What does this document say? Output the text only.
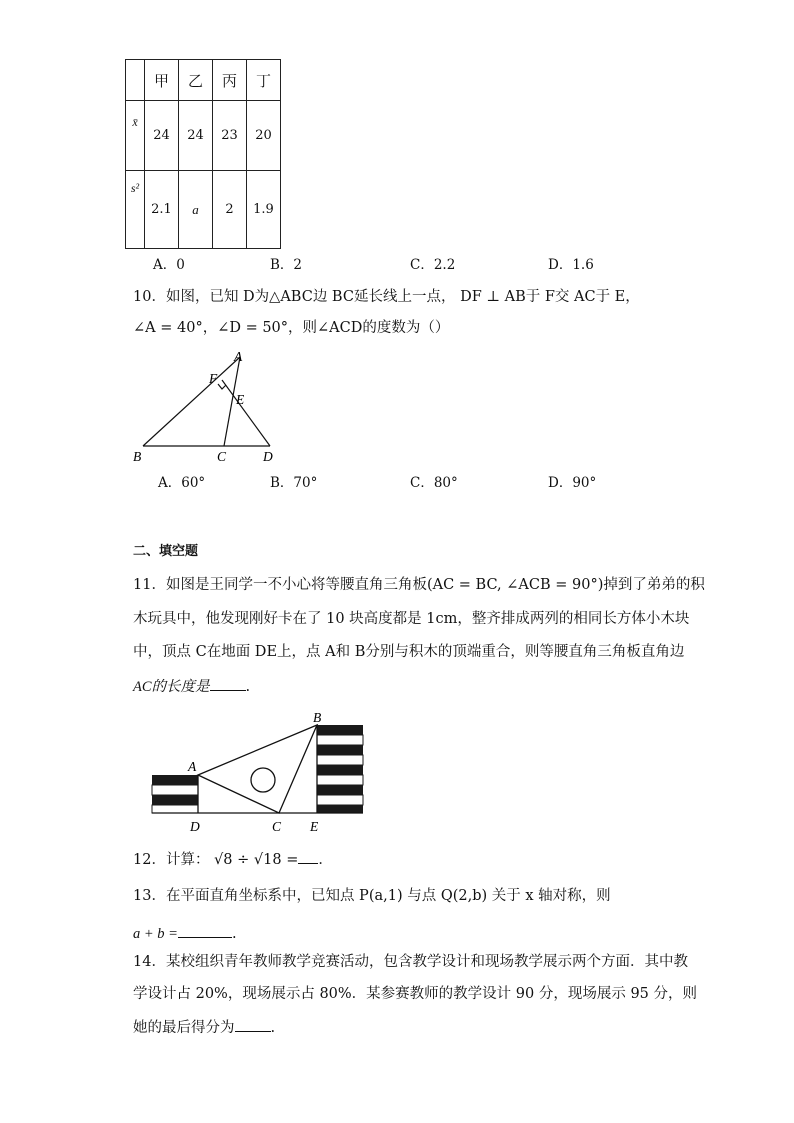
	甲	乙	丙	丁
x̄	24	24	23	20
s²	2.1	a	2	1.9
A．0	B．2	C．2.2	D．1.6
10．如图，已知 D为△ABC边 BC延长线上一点， DF ⊥ AB于 F交 AC于 E，
∠A = 40°，∠D = 50°，则∠ACD的度数为（）
A
F
E
B	C	D
A．60°	B．70°	C．80°	D．90°
二、填空题
11．如图是王同学一不小心将等腰直角三角板(AC = BC, ∠ACB = 90°)掉到了弟弟的积
木玩具中，他发现刚好卡在了 10 块高度都是 1cm，整齐排成两列的相同长方体小木块
中，顶点 C在地面 DE上，点 A和 B分别与积木的顶端重合，则等腰直角三角板直角边
AC的长度是 .
B
A
D	C E
12．计算： √8 ÷ √18 = ．
13．在平面直角坐标系中，已知点 P(a,1) 与点 Q(2,b) 关于 x 轴对称，则
a + b =	.
14．某校组织青年教师教学竞赛活动，包含教学设计和现场教学展示两个方面．其中教
学设计占 20%，现场展示占 80%．某参赛教师的教学设计 90 分，现场展示 95 分，则
她的最后得分为 .
